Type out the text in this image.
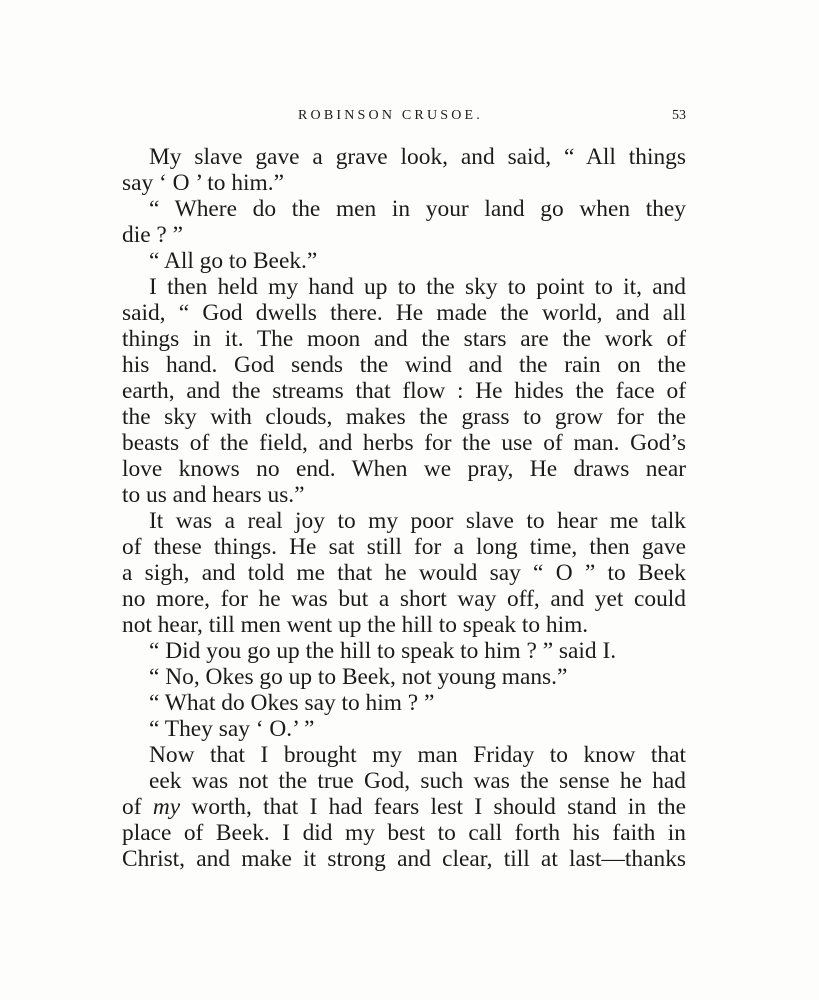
ROBINSON CRUSOE.	53
My slave gave a grave look, and said, “ All things
say ‘ O ’ to him.”
“ Where do the men in your land go when they
die ? ”
“ All go to Beek.”
I then held my hand up to the sky to point to it, and
said, “ God dwells there. He made the world, and all
things in it. The moon and the stars are the work of
his hand. God sends the wind and the rain on the
earth, and the streams that flow : He hides the face of
the sky with clouds, makes the grass to grow for the
beasts of the field, and herbs for the use of man. God’s
love knows no end. When we pray, He draws near
to us and hears us.”
It was a real joy to my poor slave to hear me talk
of these things. He sat still for a long time, then gave
a sigh, and told me that he would say “ O ” to Beek
no more, for he was but a short way off, and yet could
not hear, till men went up the hill to speak to him.
“ Did you go up the hill to speak to him ? ” said I.
“ No, Okes go up to Beek, not young mans.”
“ What do Okes say to him ? ”
“ They say ‘ O.’ ”
Now that I brought my man Friday to know that
eek was not the true God, such was the sense he had
of my worth, that I had fears lest I should stand in the
place of Beek. I did my best to call forth his faith in
Christ, and make it strong and clear, till at last—thanks
